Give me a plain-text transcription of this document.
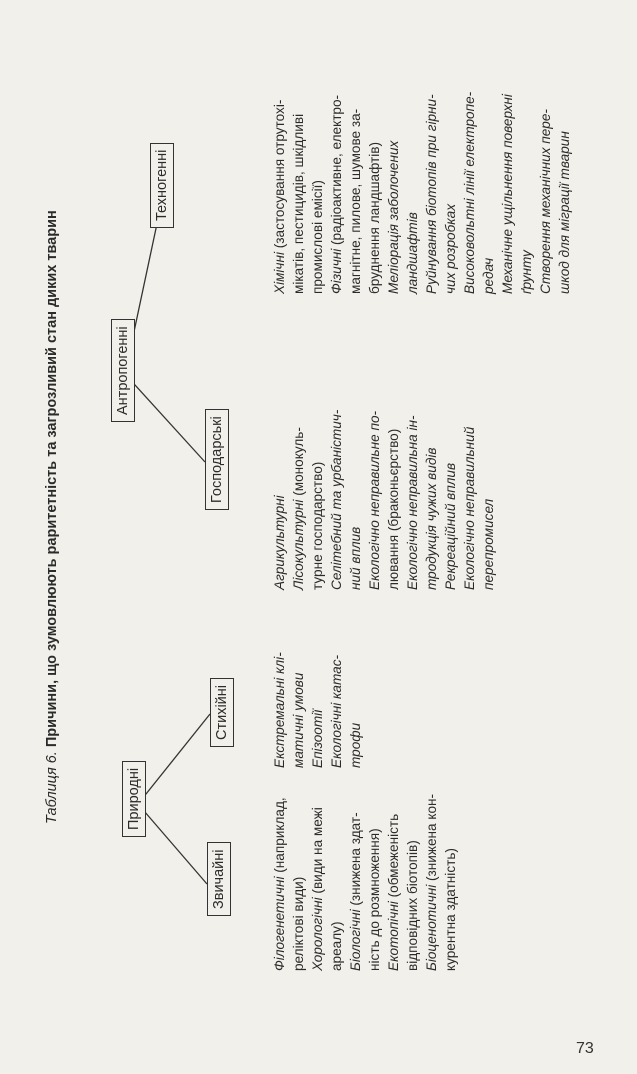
Таблиця 6. Причини, що зумовлюють раритетність та загрозливий стан диких тварин
Природні
Антропогенні
Звичайні
Стихійні
Господарські
Техногенні
Філогенетичні (наприклад,
реліктові види) Хорологічні (види на межі
ареалу) Біологічні (знижена здат- ність до розмноження) Екотопічні (обмеженість відповідних біотопів) Біоценотичні (знижена кон-
курентна здатність)
Екстремальні клі- матичні умови Епізоотії Екологічні катас- трофи
Агрикультурні Лісокультурні (монокуль- турне господарство) Селітебний та урбаністич- ний вплив Екологічно неправильне по- лювання (браконьєрство) Екологічно неправильна ін- тродукція чужих видів Рекреаційний вплив Екологічно неправильний перепромисел
Хімічні (застосування отрутохі- мікатів, пестицидів, шкідливі промислові емісії) Фізичні (радіоактивне, електро- магнітне, пилове, шумове за- бруднення ландшафтів) Меліорація заболочених ландшафтів Руйнування біотопів при гірни- чих розробках Високовольтні лінії електропе- редач Механічне ущільнення поверхні ґрунту Створення механічних пере- шкод для міграції тварин
73
